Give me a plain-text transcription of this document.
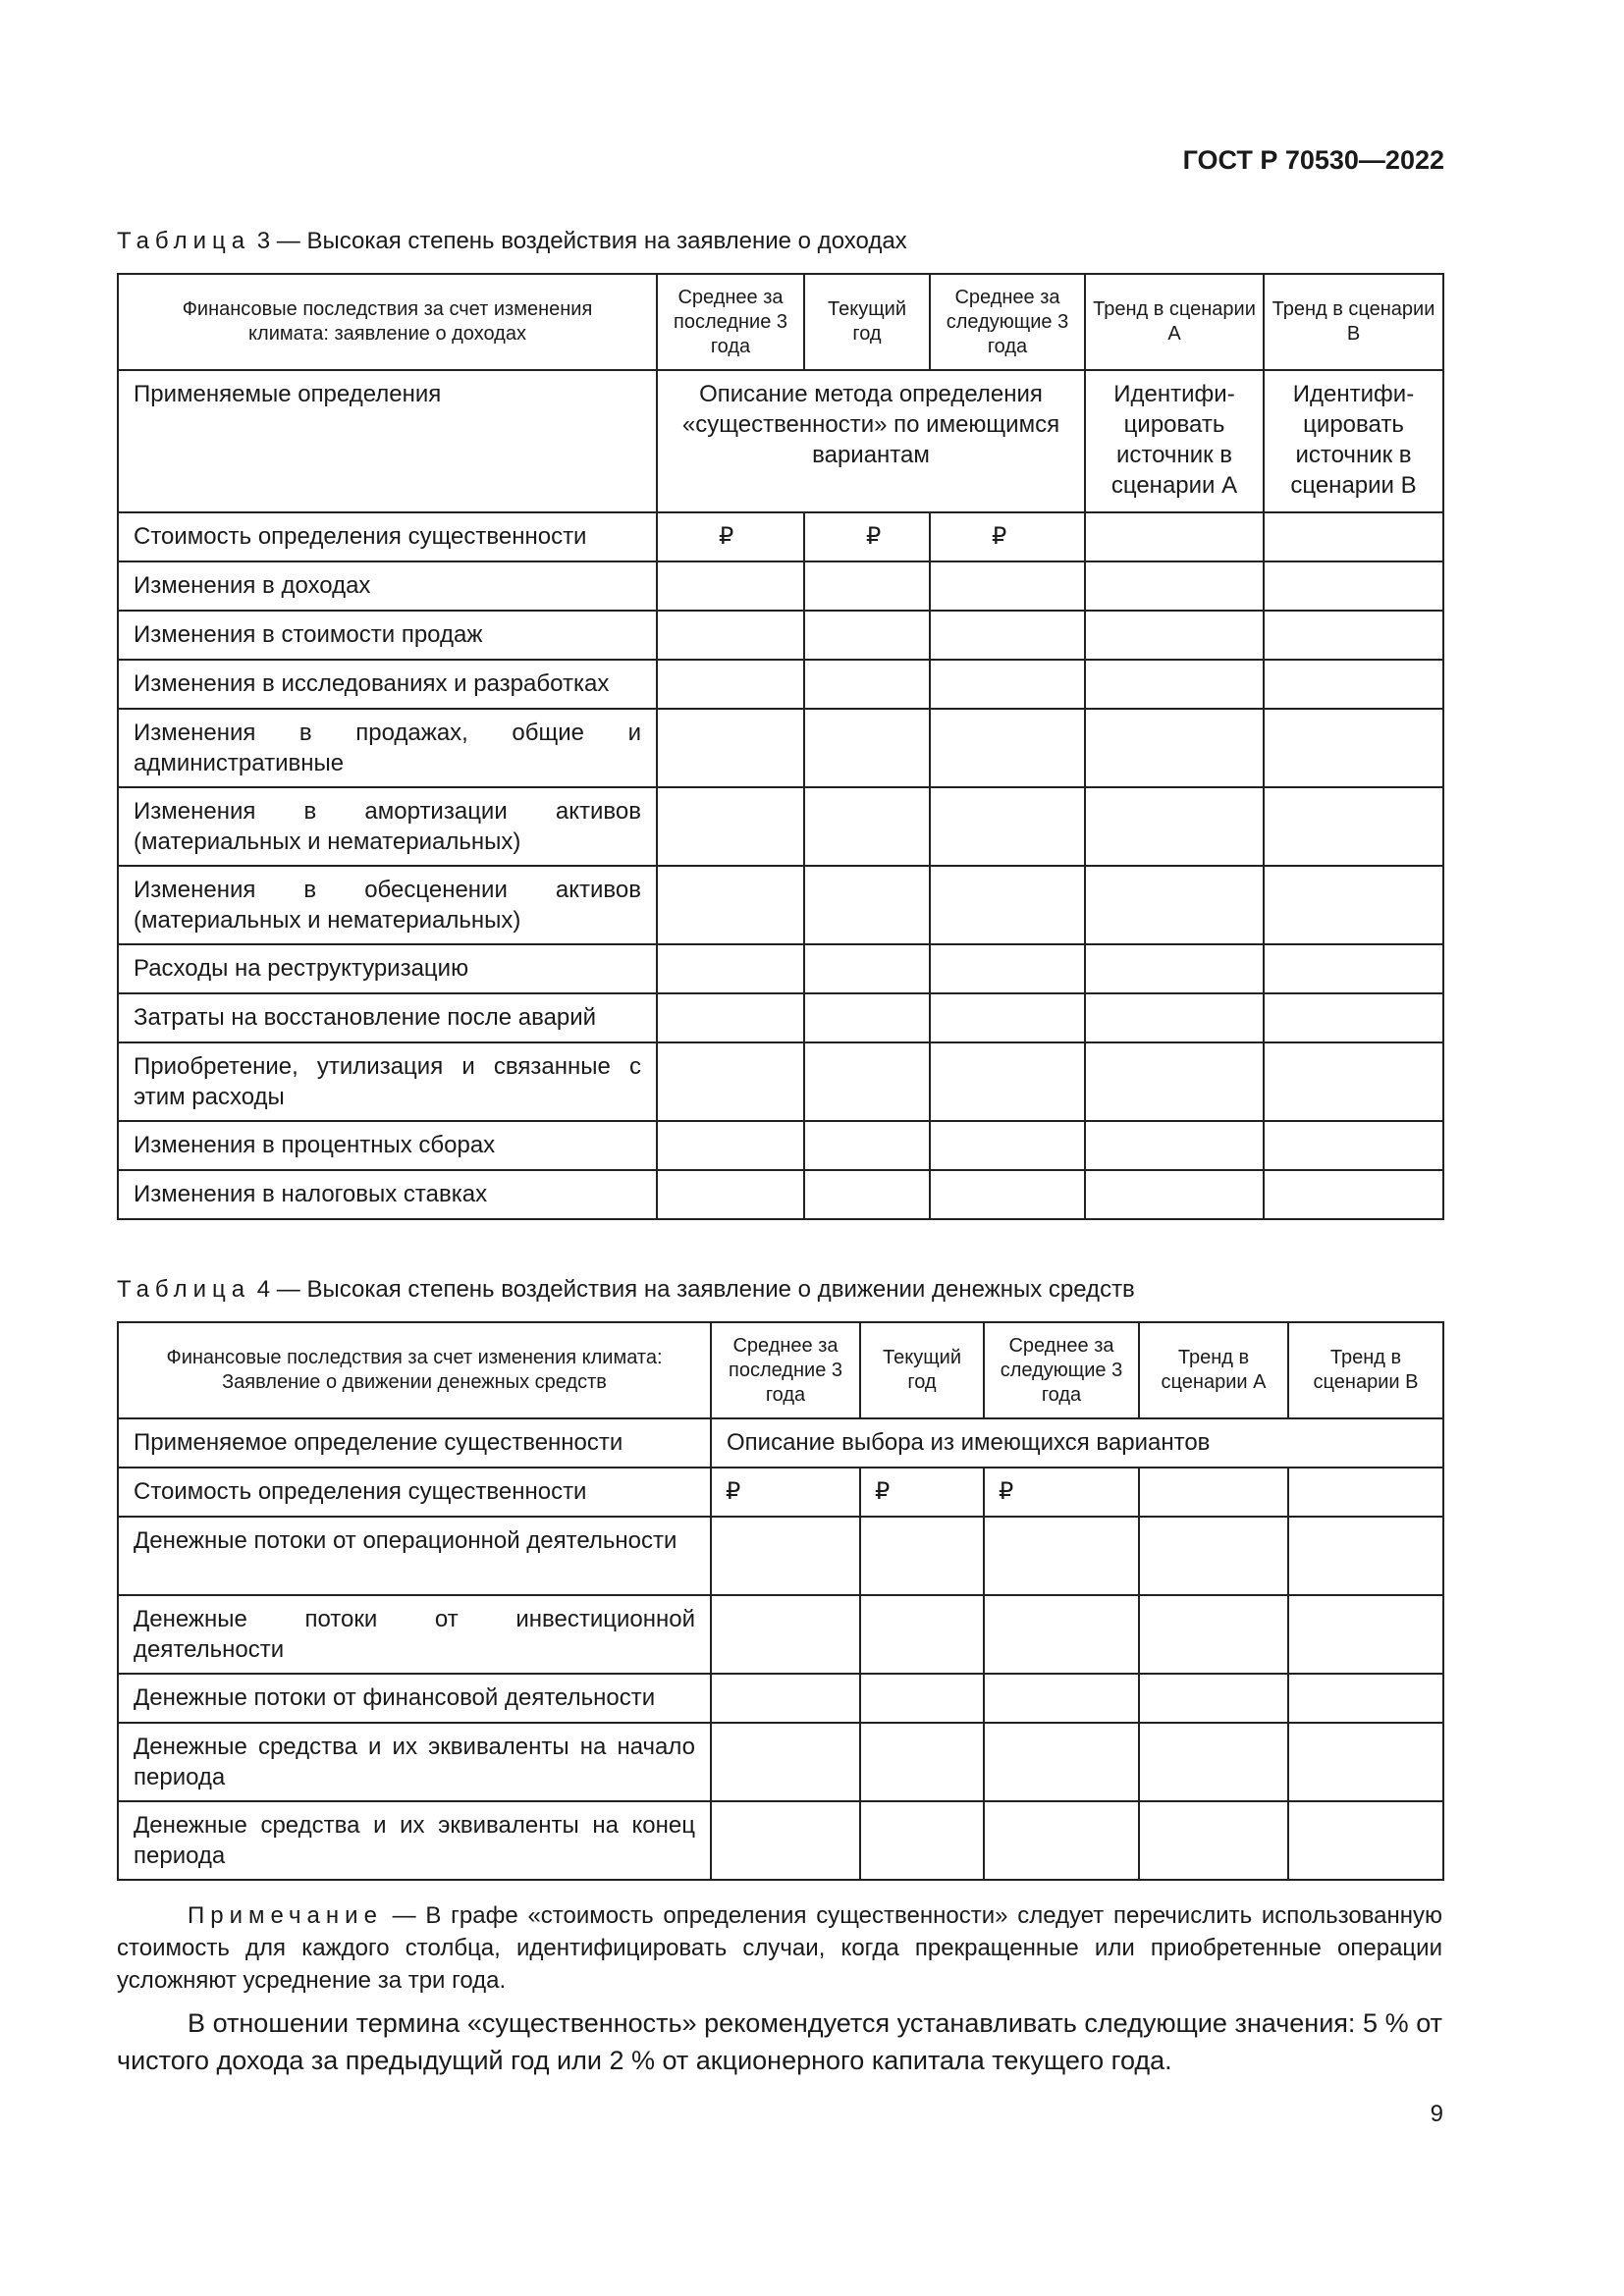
ГОСТ Р 70530—2022
Таблица 3 — Высокая степень воздействия на заявление о доходах
Финансовые последствия за счет изменения климата: заявление о доходах	Среднее за последние 3 года	Текущий год	Среднее за следующие 3 года	Тренд в сценарии А	Тренд в сценарии В
Применяемые определения	Описание метода определения «существенности» по имеющимся вариантам			Идентифи-цировать источник в сценарии А	Идентифи-цировать источник в сценарии В
Стоимость определения существенности	₽	₽	₽		
Изменения в доходах					
Изменения в стоимости продаж					
Изменения в исследованиях и разработках					
Изменения в продажах, общие и административные					
Изменения в амортизации активов (материальных и нематериальных)					
Изменения в обесценении активов (материальных и нематериальных)					
Расходы на реструктуризацию					
Затраты на восстановление после аварий					
Приобретение, утилизация и связанные с этим расходы					
Изменения в процентных сборах					
Изменения в налоговых ставках					
Таблица 4 — Высокая степень воздействия на заявление о движении денежных средств
Финансовые последствия за счет изменения климата: Заявление о движении денежных средств	Среднее за последние 3 года	Текущий год	Среднее за следующие 3 года	Тренд в сценарии А	Тренд в сценарии В
Применяемое определение существенности	Описание выбора из имеющихся вариантов				
Стоимость определения существенности	₽	₽	₽		
Денежные потоки от операционной деятельности					
Денежные потоки от инвестиционной деятельности					
Денежные потоки от финансовой деятельности					
Денежные средства и их эквиваленты на начало периода					
Денежные средства и их эквиваленты на конец периода					
Примечание — В графе «стоимость определения существенности» следует перечислить использованную стоимость для каждого столбца, идентифицировать случаи, когда прекращенные или приобретенные операции усложняют усреднение за три года.
В отношении термина «существенность» рекомендуется устанавливать следующие значения: 5 % от чистого дохода за предыдущий год или 2 % от акционерного капитала текущего года.
9
